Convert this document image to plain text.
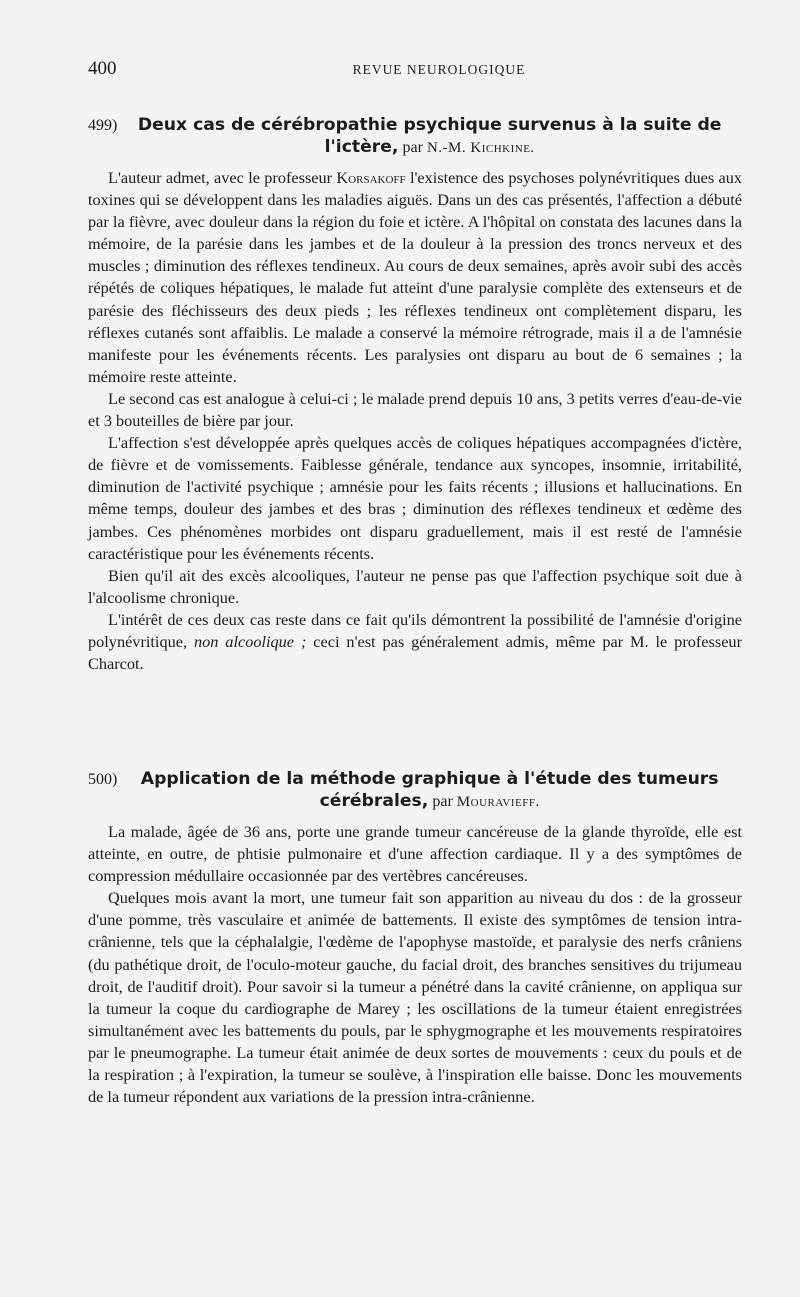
400	REVUE NEUROLOGIQUE
499) Deux cas de cérébropathie psychique survenus à la suite de l'ictère, par N.-M. Kichkine.

L'auteur admet, avec le professeur Korsakoff l'existence des psychoses polynévritiques dues aux toxines qui se développent dans les maladies aiguës. Dans un des cas présentés, l'affection a débuté par la fièvre, avec douleur dans la région du foie et ictère. A l'hôpital on constata des lacunes dans la mémoire, de la parésie dans les jambes et de la douleur à la pression des troncs nerveux et des muscles ; diminution des réflexes tendineux. Au cours de deux semaines, après avoir subi des accès répétés de coliques hépatiques, le malade fut atteint d'une paralysie complète des extenseurs et de parésie des fléchisseurs des deux pieds ; les réflexes tendineux ont complètement disparu, les réflexes cutanés sont affaiblis. Le malade a conservé la mémoire rétrograde, mais il a de l'amnésie manifeste pour les événements récents. Les paralysies ont disparu au bout de 6 semaines ; la mémoire reste atteinte.

Le second cas est analogue à celui-ci ; le malade prend depuis 10 ans, 3 petits verres d'eau-de-vie et 3 bouteilles de bière par jour.

L'affection s'est développée après quelques accès de coliques hépatiques accompagnées d'ictère, de fièvre et de vomissements. Faiblesse générale, tendance aux syncopes, insomnie, irritabilité, diminution de l'activité psychique ; amnésie pour les faits récents ; illusions et hallucinations. En même temps, douleur des jambes et des bras ; diminution des réflexes tendineux et œdème des jambes. Ces phénomènes morbides ont disparu graduellement, mais il est resté de l'amnésie caractéristique pour les événements récents.

Bien qu'il ait des excès alcooliques, l'auteur ne pense pas que l'affection psychique soit due à l'alcoolisme chronique.

L'intérêt de ces deux cas reste dans ce fait qu'ils démontrent la possibilité de l'amnésie d'origine polynévritique, non alcoolique ; ceci n'est pas généralement admis, même par M. le professeur Charcot.

500) Application de la méthode graphique à l'étude des tumeurs cérébrales, par Mouravieff.

La malade, âgée de 36 ans, porte une grande tumeur cancéreuse de la glande thyroïde, elle est atteinte, en outre, de phtisie pulmonaire et d'une affection cardiaque. Il y a des symptômes de compression médullaire occasionnée par des vertèbres cancéreuses.

Quelques mois avant la mort, une tumeur fait son apparition au niveau du dos : de la grosseur d'une pomme, très vasculaire et animée de battements. Il existe des symptômes de tension intra-crânienne, tels que la céphalalgie, l'œdème de l'apophyse mastoïde, et paralysie des nerfs crâniens (du pathétique droit, de l'oculo-moteur gauche, du facial droit, des branches sensitives du trijumeau droit, de l'auditif droit). Pour savoir si la tumeur a pénétré dans la cavité crânienne, on appliqua sur la tumeur la coque du cardiographe de Marey ; les oscillations de la tumeur étaient enregistrées simultanément avec les battements du pouls, par le sphygmographe et les mouvements respiratoires par le pneumographe. La tumeur était animée de deux sortes de mouvements : ceux du pouls et de la respiration ; à l'expiration, la tumeur se soulève, à l'inspiration elle baisse. Donc les mouvements de la tumeur répondent aux variations de la pression intra-crânienne.
